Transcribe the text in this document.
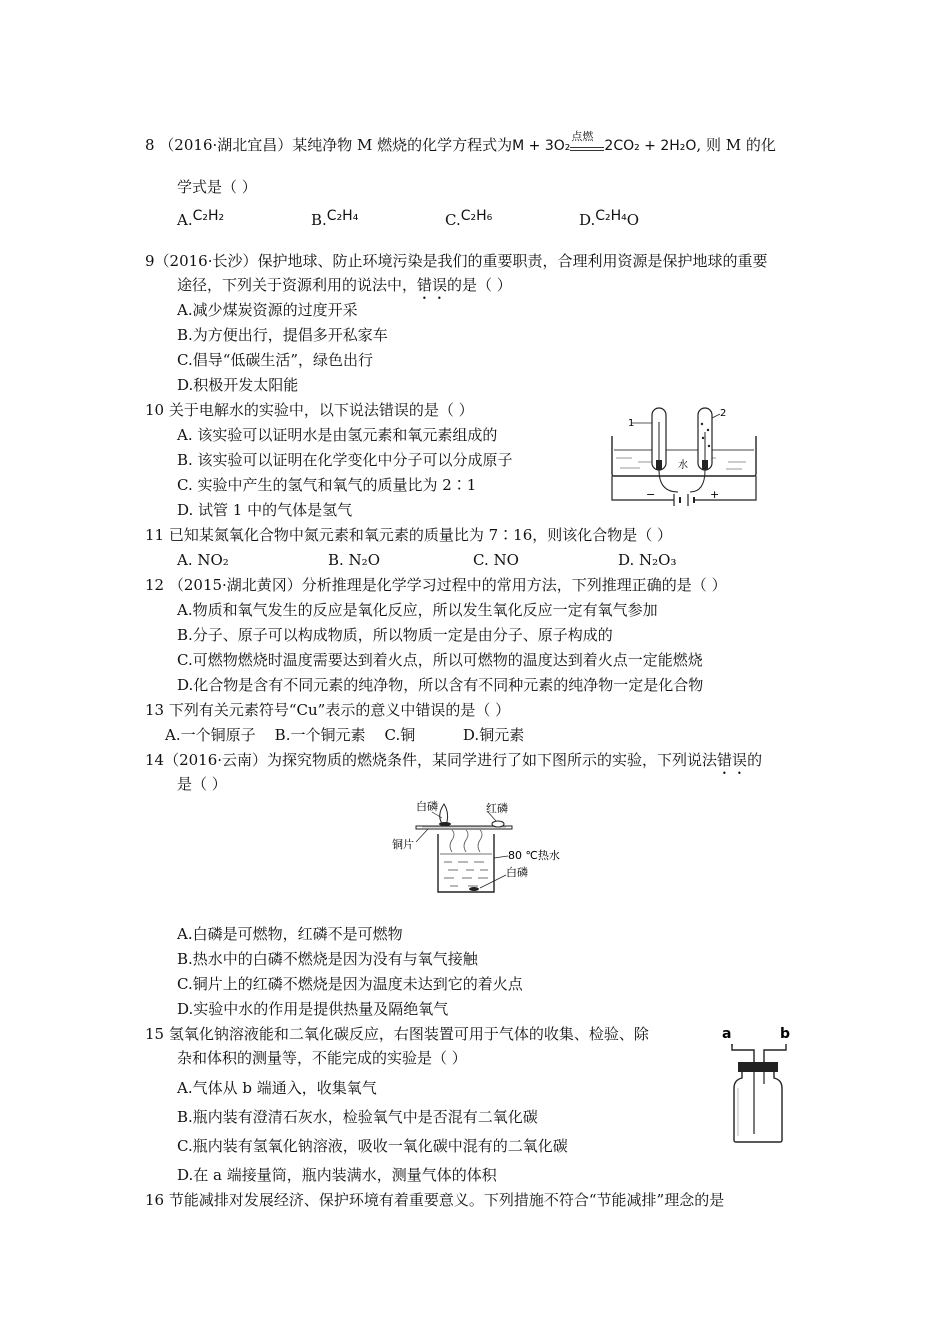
8 （2016·湖北宜昌）某纯净物 M 燃烧的化学方程式为M + 3O₂
点燃
2CO₂ + 2H₂O, 则 M 的化
学式是（ ）
A.C₂H₂	B.C₂H₄	C.C₂H₆	D.C₂H₄O
9（2016·长沙）保护地球、防止环境污染是我们的重要职责，合理利用资源是保护地球的重要
途径，下列关于资源利用的说法中，错误的是（ ）
A.减少煤炭资源的过度开采
B.为方便出行，提倡多开私家车
C.倡导“低碳生活”，绿色出行
D.积极开发太阳能
10 关于电解水的实验中，以下说法错误的是（ ）
A. 该实验可以证明水是由氢元素和氧元素组成的
B. 该实验可以证明在化学变化中分子可以分成原子
C. 实验中产生的氢气和氧气的质量比为 2∶1
D. 试管 1 中的气体是氢气
1
2
水
−	+
11 已知某氮氧化合物中氮元素和氧元素的质量比为 7∶16，则该化合物是（ ）
A. NO₂	B. N₂O	C. NO	D. N₂O₃
12 （2015·湖北黄冈）分析推理是化学学习过程中的常用方法，下列推理正确的是（ ）
A.物质和氧气发生的反应是氧化反应，所以发生氧化反应一定有氧气参加
B.分子、原子可以构成物质，所以物质一定是由分子、原子构成的
C.可燃物燃烧时温度需要达到着火点，所以可燃物的温度达到着火点一定能燃烧
D.化合物是含有不同元素的纯净物，所以含有不同种元素的纯净物一定是化合物
13 下列有关元素符号“Cu”表示的意义中错误的是（ ）
A.一个铜原子    B.一个铜元素    C.铜          D.铜元素
14（2016·云南）为探究物质的燃烧条件，某同学进行了如下图所示的实验，下列说法错误的
是（ ）
白磷	红磷
铜片
80 ℃热水
白磷
A.白磷是可燃物，红磷不是可燃物
B.热水中的白磷不燃烧是因为没有与氧气接触
C.铜片上的红磷不燃烧是因为温度未达到它的着火点
D.实验中水的作用是提供热量及隔绝氧气
15 氢氧化钠溶液能和二氧化碳反应，右图装置可用于气体的收集、检验、除
杂和体积的测量等，不能完成的实验是（ ）
A.气体从 b 端通入，收集氧气
B.瓶内装有澄清石灰水，检验氧气中是否混有二氧化碳
C.瓶内装有氢氧化钠溶液，吸收一氧化碳中混有的二氧化碳
D.在 a 端接量筒，瓶内装满水，测量气体的体积
a	b
16 节能减排对发展经济、保护环境有着重要意义。下列措施不符合“节能减排”理念的是
